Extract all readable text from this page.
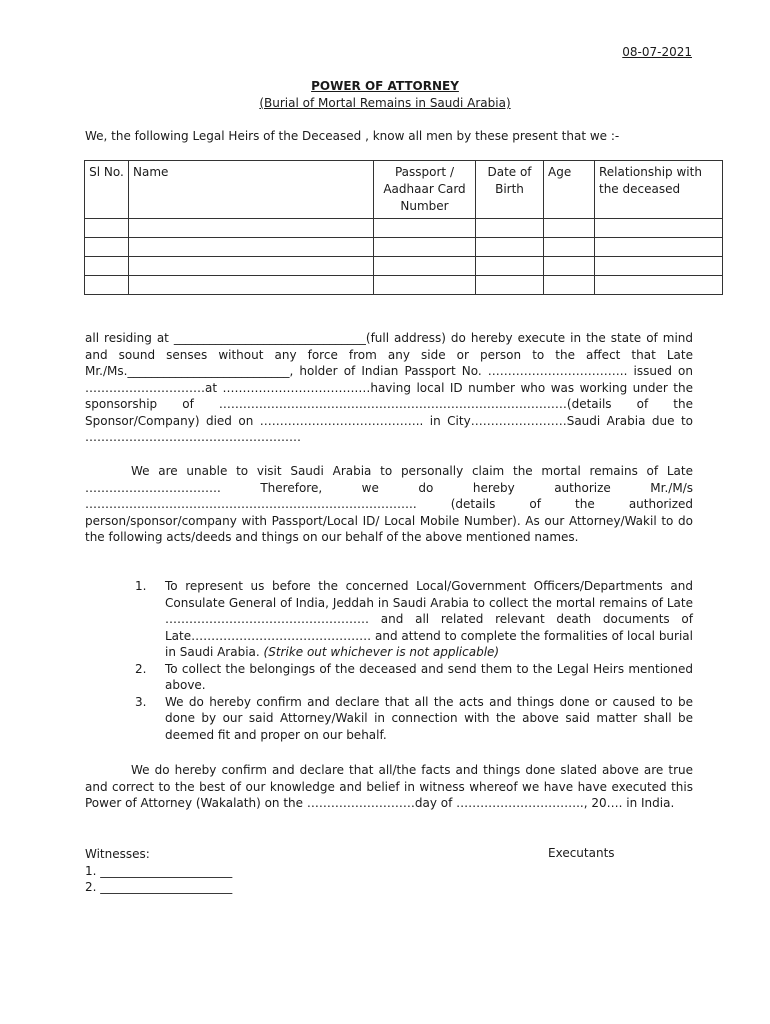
08-07-2021
POWER OF ATTORNEY
(Burial of Mortal Remains in Saudi Arabia)
We, the following Legal Heirs of the Deceased , know all men by these present that we :-
Sl No.	Name	Passport / Aadhaar Card Number	Date of Birth	Age	Relationship with the deceased

all residing at ________________________________(full address) do hereby execute in the state of mind and sound senses without any force from any side or person to the affect that Late Mr./Ms.___________________________, holder of Indian Passport No. …………………………….. issued on …………………………at …………………………….…having local ID number who was working under the sponsorship of ……………………………………………………………………………(details of the Sponsor/Company) died on ………………………………….. in City……………………Saudi Arabia due to ………………………………………………
We are unable to visit Saudi Arabia to personally claim the mortal remains of Late ……………………………. Therefore, we do hereby authorize Mr./M/s ……………………………………………………………………….. (details of the authorized person/sponsor/company with Passport/Local ID/ Local Mobile Number). As our Attorney/Wakil to do the following acts/deeds and things on our behalf of the above mentioned names.
1.	To represent us before the concerned Local/Government Officers/Departments and Consulate General of India, Jeddah in Saudi Arabia to collect the mortal remains of Late …………………………………………… and all related relevant death documents of Late……………………………………… and attend to complete the formalities of local burial in Saudi Arabia. (Strike out whichever is not applicable)
2.	To collect the belongings of the deceased and send them to the Legal Heirs mentioned above.
3.	We do hereby confirm and declare that all the acts and things done or caused to be done by our said Attorney/Wakil in connection with the above said matter shall be deemed fit and proper on our behalf.
We do hereby confirm and declare that all/the facts and things done slated above are true and correct to the best of our knowledge and belief in witness whereof we have have executed this Power of Attorney (Wakalath) on the ………………………day of ………………………….., 20…. in India.
Witnesses:
1. ______________________
2. ______________________
Executants
